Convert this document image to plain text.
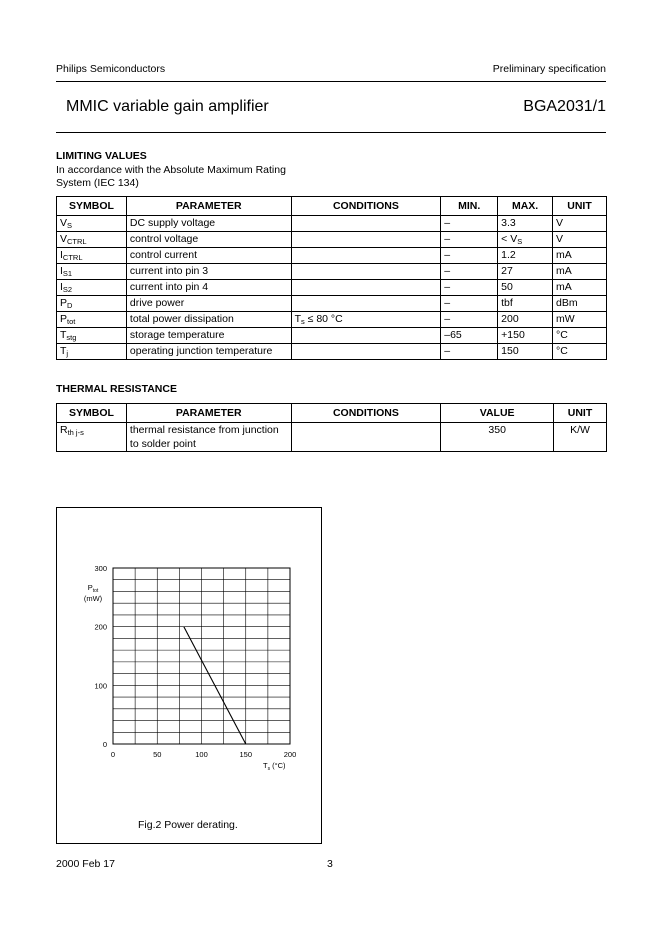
Philips Semiconductors	Preliminary specification
MMIC variable gain amplifier	BGA2031/1
LIMITING VALUES
In accordance with the Absolute Maximum Rating System (IEC 134)
SYMBOL	PARAMETER	CONDITIONS	MIN.	MAX.	UNIT
$V_S$	DC supply voltage		–	3.3	V
$V_{CTRL}$	control voltage		–	< $V_S$	V
$I_{CTRL}$	control current		–	1.2	mA
$I_{S1}$	current into pin 3		–	27	mA
$I_{S2}$	current into pin 4		–	50	mA
$P_D$	drive power		–	tbf	dBm
$P_{tot}$	total power dissipation	$T_s \le 80$ °C	–	200	mW
$T_{stg}$	storage temperature		–65	+150	°C
$T_j$	operating junction temperature		–	150	°C
THERMAL RESISTANCE
SYMBOL	PARAMETER	CONDITIONS	VALUE	UNIT
$R_{th j-s}$	thermal resistance from junction
to solder point		350	K/W
0
100
200
300
0	50	100	150	200
$P_{tot}$
(mW)
$T_s$ (°C)
Fig.2 Power derating.
2000 Feb 17	3
